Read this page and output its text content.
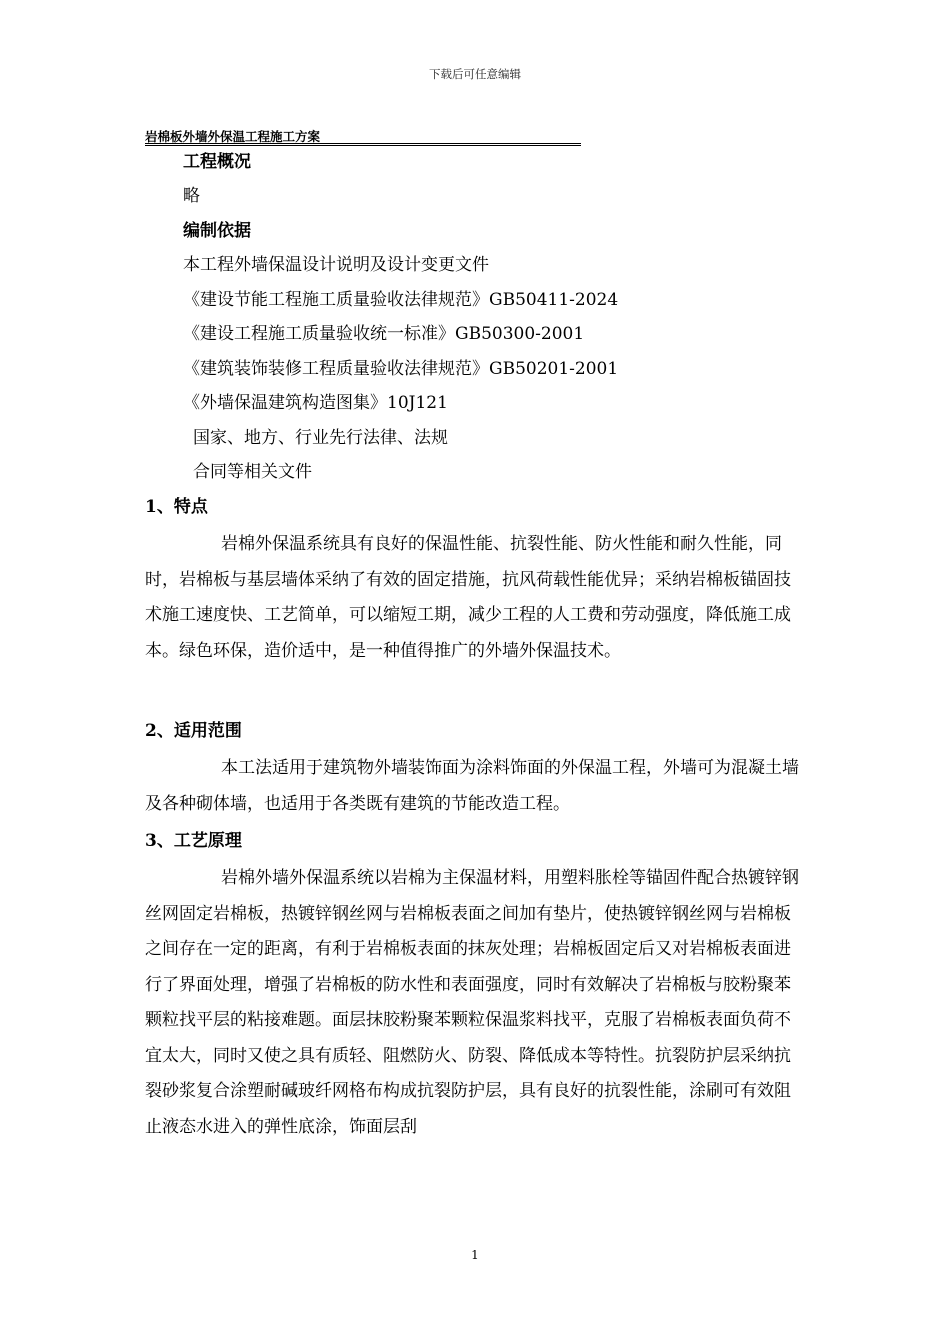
下载后可任意编辑
岩棉板外墙外保温工程施工方案
工程概况
略
编制依据
本工程外墙保温设计说明及设计变更文件
《建设节能工程施工质量验收法律规范》GB50411-2024
《建设工程施工质量验收统一标准》GB50300-2001
《建筑装饰装修工程质量验收法律规范》GB50201-2001
《外墙保温建筑构造图集》10J121
国家、地方、行业先行法律、法规
合同等相关文件
1、特点

岩棉外保温系统具有良好的保温性能、抗裂性能、防火性能和耐久性能，同时，岩棉板与基层墙体采纳了有效的固定措施，抗风荷载性能优异；采纳岩棉板锚固技术施工速度快、工艺简单，可以缩短工期，减少工程的人工费和劳动强度，降低施工成本。绿色环保，造价适中，是一种值得推广的外墙外保温技术。

2、适用范围

本工法适用于建筑物外墙装饰面为涂料饰面的外保温工程，外墙可为混凝土墙及各种砌体墙，也适用于各类既有建筑的节能改造工程。

3、工艺原理

岩棉外墙外保温系统以岩棉为主保温材料，用塑料胀栓等锚固件配合热镀锌钢丝网固定岩棉板，热镀锌钢丝网与岩棉板表面之间加有垫片，使热镀锌钢丝网与岩棉板之间存在一定的距离，有利于岩棉板表面的抹灰处理；岩棉板固定后又对岩棉板表面进行了界面处理，增强了岩棉板的防水性和表面强度，同时有效解决了岩棉板与胶粉聚苯颗粒找平层的粘接难题。面层抹胶粉聚苯颗粒保温浆料找平，克服了岩棉板表面负荷不宜太大，同时又使之具有质轻、阻燃防火、防裂、降低成本等特性。抗裂防护层采纳抗裂砂浆复合涂塑耐碱玻纤网格布构成抗裂防护层，具有良好的抗裂性能，涂刷可有效阻止液态水进入的弹性底涂，饰面层刮

1
